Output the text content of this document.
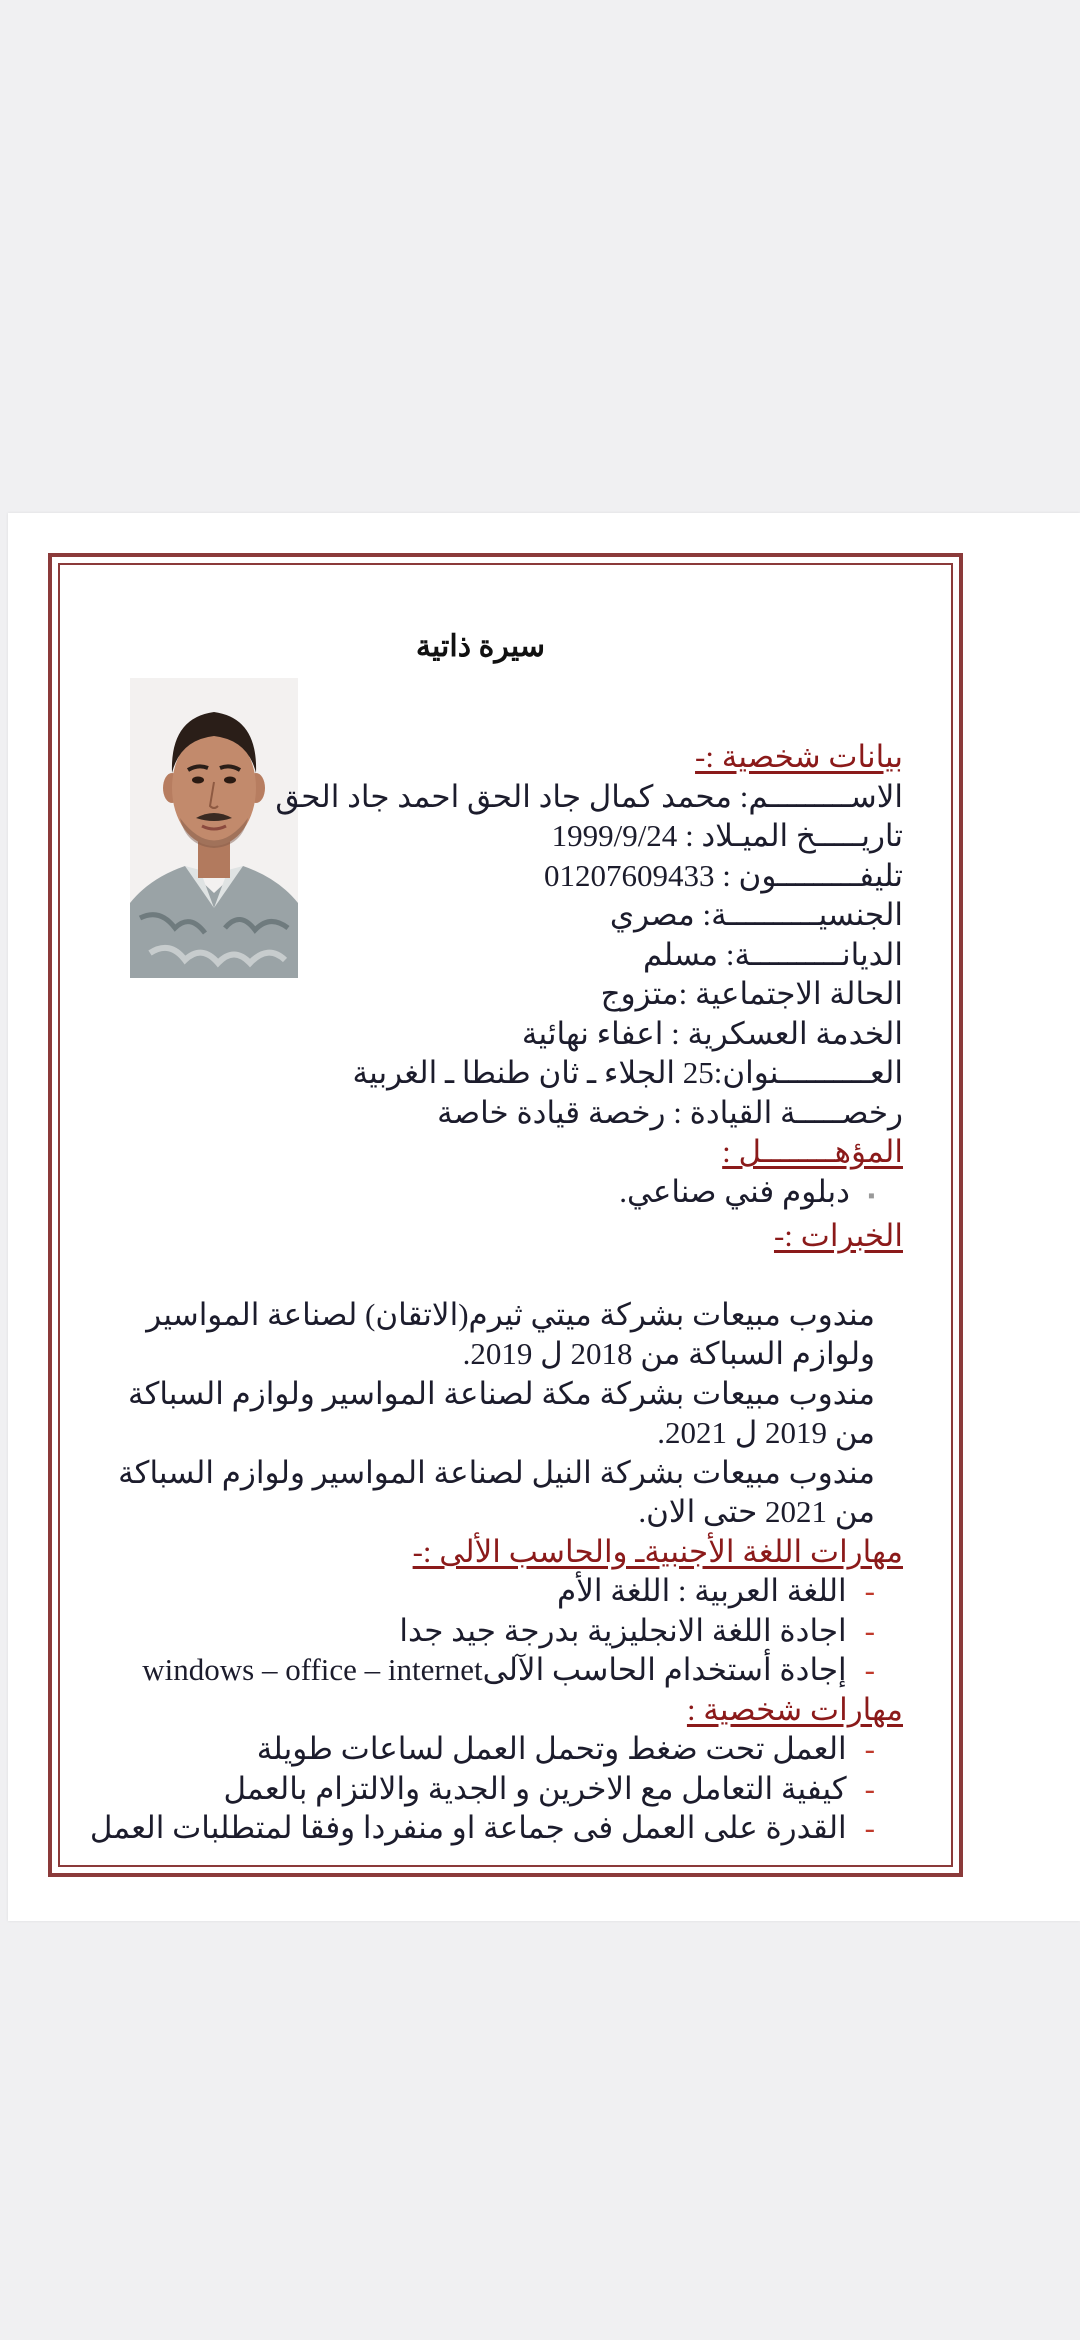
سيرة ذاتية

بيانات شخصية :-

الاســـــــــم: محمد كمال جاد الحق احمد جاد الحق

تاريـــــخ الميـلاد : 1999/9/24

تليفـــــــــون : 01207609433

الجنسيــــــــــة: مصري

الديانــــــــــة: مسلم

الحالة الاجتماعية :متزوج

الخدمة العسكرية : اعفاء نهائية

العــــــــــنوان:25 الجلاء ـ ثان طنطا ـ الغربية

رخصـــــة القيادة : رخصة قيادة خاصة

المؤهــــــــل :

▪دبلوم فني صناعي.

الخبرات :-

مندوب مبيعات بشركة ميتي ثيرم(الاتقان) لصناعة المواسير ولوازم السباكة من 2018 ل 2019.

مندوب مبيعات بشركة مكة لصناعة المواسير ولوازم السباكة من 2019 ل 2021.

مندوب مبيعات بشركة النيل لصناعة المواسير ولوازم السباكة من 2021 حتى الان.

مهارات اللغة الأجنبيةـ والحاسب الألى :-

-اللغة العربية : اللغة الأم

-اجادة اللغة الانجليزية بدرجة جيد جدا

-إجادة أستخدام الحاسب الآلىwindows – office – internet

مهارات شخصية :

-العمل تحت ضغط وتحمل العمل لساعات طويلة

-كيفية التعامل مع الاخرين و الجدية والالتزام بالعمل

-القدرة على العمل فى جماعة او منفردا وفقا لمتطلبات العمل
